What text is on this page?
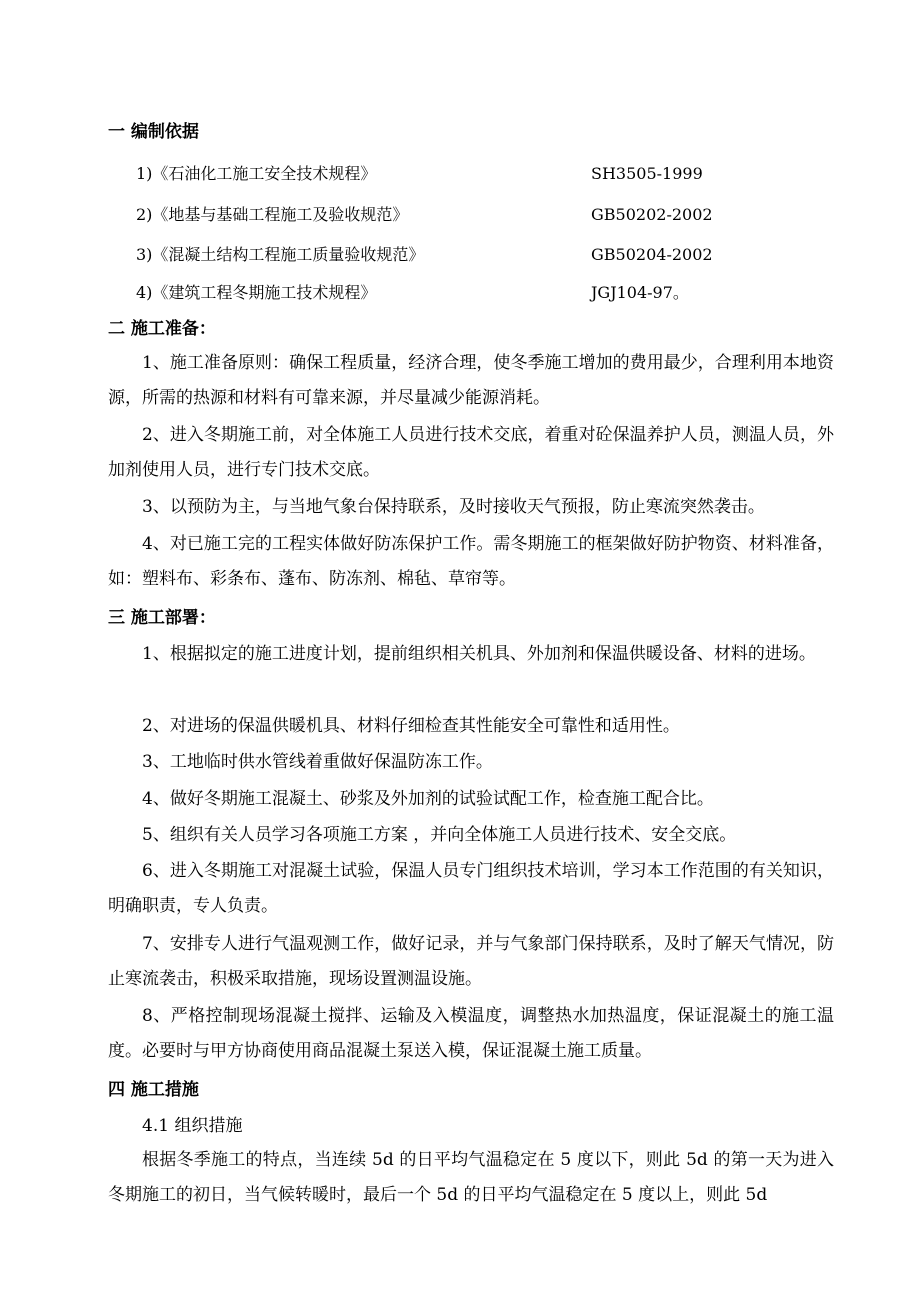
一 编制依据
1)《石油化工施工安全技术规程》	SH3505-1999
2)《地基与基础工程施工及验收规范》	GB50202-2002
3)《混凝土结构工程施工质量验收规范》	GB50204-2002
4)《建筑工程冬期施工技术规程》	JGJ104-97。
二 施工准备：

1、施工准备原则：确保工程质量，经济合理，使冬季施工增加的费用最少，合理利用本地资源，所需的热源和材料有可靠来源，并尽量减少能源消耗。

2、进入冬期施工前，对全体施工人员进行技术交底，着重对砼保温养护人员，测温人员，外加剂使用人员，进行专门技术交底。

3、以预防为主，与当地气象台保持联系，及时接收天气预报，防止寒流突然袭击。

4、对已施工完的工程实体做好防冻保护工作。需冬期施工的框架做好防护物资、材料准备，如：塑料布、彩条布、蓬布、防冻剂、棉毡、草帘等。

三 施工部署：

1、根据拟定的施工进度计划，提前组织相关机具、外加剂和保温供暖设备、材料的进场。

2、对进场的保温供暖机具、材料仔细检查其性能安全可靠性和适用性。

3、工地临时供水管线着重做好保温防冻工作。

4、做好冬期施工混凝土、砂浆及外加剂的试验试配工作，检查施工配合比。

5、组织有关人员学习各项施工方案 ，并向全体施工人员进行技术、安全交底。

6、进入冬期施工对混凝土试验，保温人员专门组织技术培训，学习本工作范围的有关知识，明确职责，专人负责。

7、安排专人进行气温观测工作，做好记录，并与气象部门保持联系，及时了解天气情况，防止寒流袭击，积极采取措施，现场设置测温设施。

8、严格控制现场混凝土搅拌、运输及入模温度，调整热水加热温度，保证混凝土的施工温度。必要时与甲方协商使用商品混凝土泵送入模，保证混凝土施工质量。

四 施工措施
4.1 组织措施

根据冬季施工的特点，当连续 5d 的日平均气温稳定在 5 度以下，则此 5d 的第一天为进入冬期施工的初日，当气候转暖时，最后一个 5d 的日平均气温稳定在 5 度以上，则此 5d
